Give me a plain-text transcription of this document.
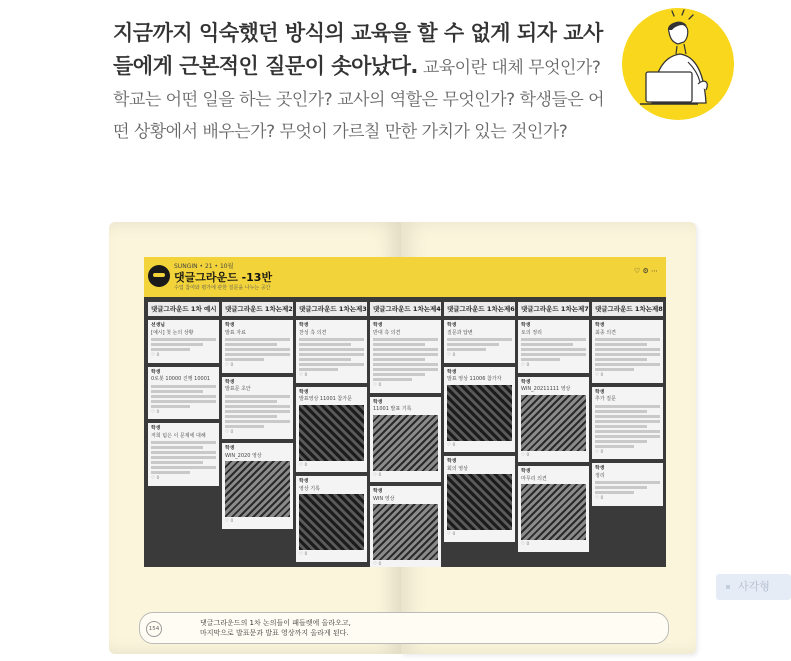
지금까지 익숙했던 방식의 교육을 할 수 없게 되자 교사

들에게 근본적인 질문이 솟아났다. 교육이란 대체 무엇인가?

학교는 어떤 일을 하는 곳인가? 교사의 역할은 무엇인가? 학생들은 어

떤 상황에서 배우는가? 무엇이 가르칠 만한 가치가 있는 것인가?

SUNGIN • 21 • 10월
댓글그라운드 -13반
수업 참여와 평가에 관한 질문을 나누는 공간
♡ ⚙ ⋯
댓글그라운드 1차 예시
선생님
[예시] 첫 논의 상황
♡ 0
학생
0로봇 10000 진행 10001
♡ 0
학생
저희 팀은 이 문제에 대해
♡ 0
댓글그라운드 1차논제2
학생
발표 자료
♡ 0
학생
발표문 초안
♡ 0
학생
WIN_2020 영상
♡ 0
댓글그라운드 1차논제3
학생
찬성 측 의견
♡ 0
학생
발표영상 11001 참가문
♡ 0
학생
영상 기록
♡ 0
댓글그라운드 1차논제4
학생
반대 측 의견
♡ 0
학생
11001 발표 기록
♡ 0
학생
WIN 영상
♡ 0
댓글그라운드 1차논제6
학생
질문과 답변
♡ 0
학생
발표 영상 11006 참가자
♡ 0
학생
회의 영상
♡ 0
댓글그라운드 1차논제7
학생
토의 정리
♡ 0
학생
WIN_20211111 영상
♡ 0
학생
마무리 의견
♡ 0
댓글그라운드 1차논제8
학생
최종 의견
♡ 0
학생
추가 질문
♡ 0
학생
정리
♡ 0
154
댓글그라운드의 1차 논의들이 패들렛에 올라오고,
마지막으로 발표문과 발표 영상까지 올라게 된다.
사각형
